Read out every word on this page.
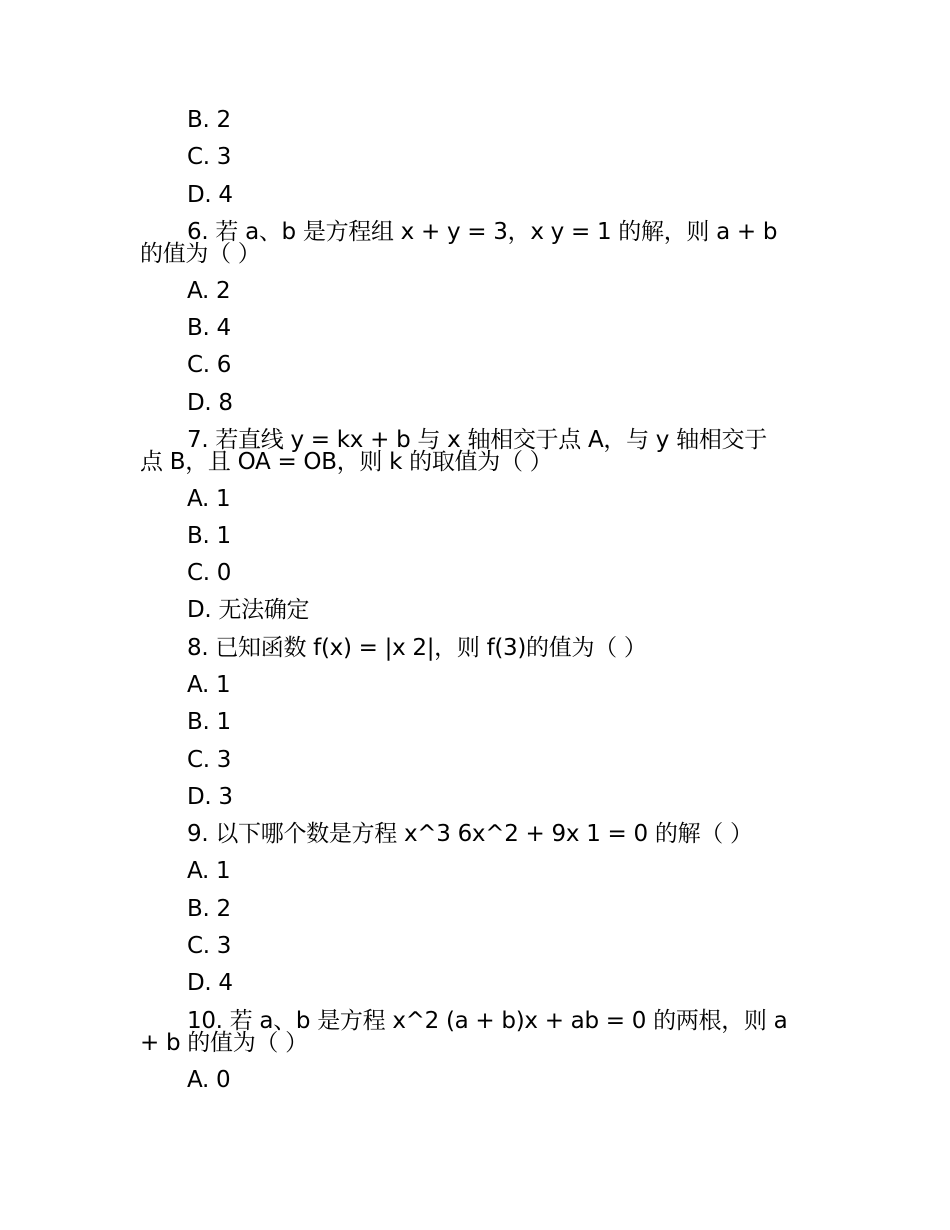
B. 2
C. 3
D. 4
6. 若 a、b 是方程组 x + y = 3，x y = 1 的解，则 a + b
的值为（ ）
A. 2
B. 4
C. 6
D. 8
7. 若直线 y = kx + b 与 x 轴相交于点 A，与 y 轴相交于
点 B，且 OA = OB，则 k 的取值为（ ）
A. 1
B. 1
C. 0
D. 无法确定
8. 已知函数 f(x) = |x 2|，则 f(3)的值为（ ）
A. 1
B. 1
C. 3
D. 3
9. 以下哪个数是方程 x^3 6x^2 + 9x 1 = 0 的解（ ）
A. 1
B. 2
C. 3
D. 4
10. 若 a、b 是方程 x^2 (a + b)x + ab = 0 的两根，则 a
+ b 的值为（ ）
A. 0
